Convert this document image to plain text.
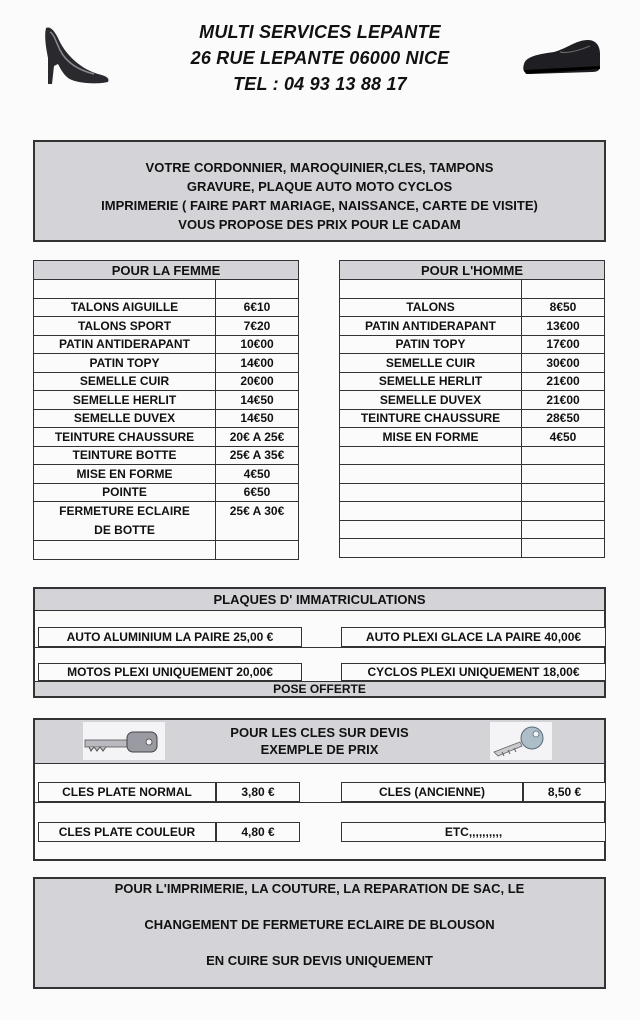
MULTI SERVICES LEPANTE
26 RUE LEPANTE 06000 NICE
TEL : 04 93 13 88 17
VOTRE CORDONNIER, MAROQUINIER,CLES, TAMPONS
GRAVURE, PLAQUE AUTO MOTO CYCLOS
IMPRIMERIE ( FAIRE PART MARIAGE, NAISSANCE, CARTE DE VISITE)
VOUS PROPOSE DES PRIX POUR LE CADAM
POUR LA FEMME	

TALONS AIGUILLE	6€10
TALONS SPORT	7€20
PATIN ANTIDERAPANT	10€00
PATIN TOPY	14€00
SEMELLE CUIR	20€00
SEMELLE HERLIT	14€50
SEMELLE DUVEX	14€50
TEINTURE CHAUSSURE	20€ A 25€
TEINTURE BOTTE	25€ A 35€
MISE EN FORME	4€50
POINTE	6€50
FERMETURE ECLAIRE
DE BOTTE	25€ A 30€

POUR L'HOMME	

TALONS	8€50
PATIN ANTIDERAPANT	13€00
PATIN TOPY	17€00
SEMELLE CUIR	30€00
SEMELLE HERLIT	21€00
SEMELLE DUVEX	21€00
TEINTURE CHAUSSURE	28€50
MISE EN FORME	4€50

PLAQUES D' IMMATRICULATIONS
AUTO ALUMINIUM LA PAIRE 25,00 €	AUTO PLEXI GLACE LA PAIRE 40,00€
MOTOS PLEXI UNIQUEMENT 20,00€	CYCLOS PLEXI UNIQUEMENT 18,00€
POSE OFFERTE
POUR LES CLES SUR DEVIS
EXEMPLE DE PRIX
CLES PLATE NORMAL	3,80 €	CLES (ANCIENNE)	8,50 €
CLES PLATE COULEUR	4,80 €	ETC,,,,,,,,,,
POUR L'IMPRIMERIE, LA COUTURE, LA REPARATION DE SAC, LE
CHANGEMENT DE FERMETURE ECLAIRE DE BLOUSON
EN CUIRE SUR DEVIS UNIQUEMENT
